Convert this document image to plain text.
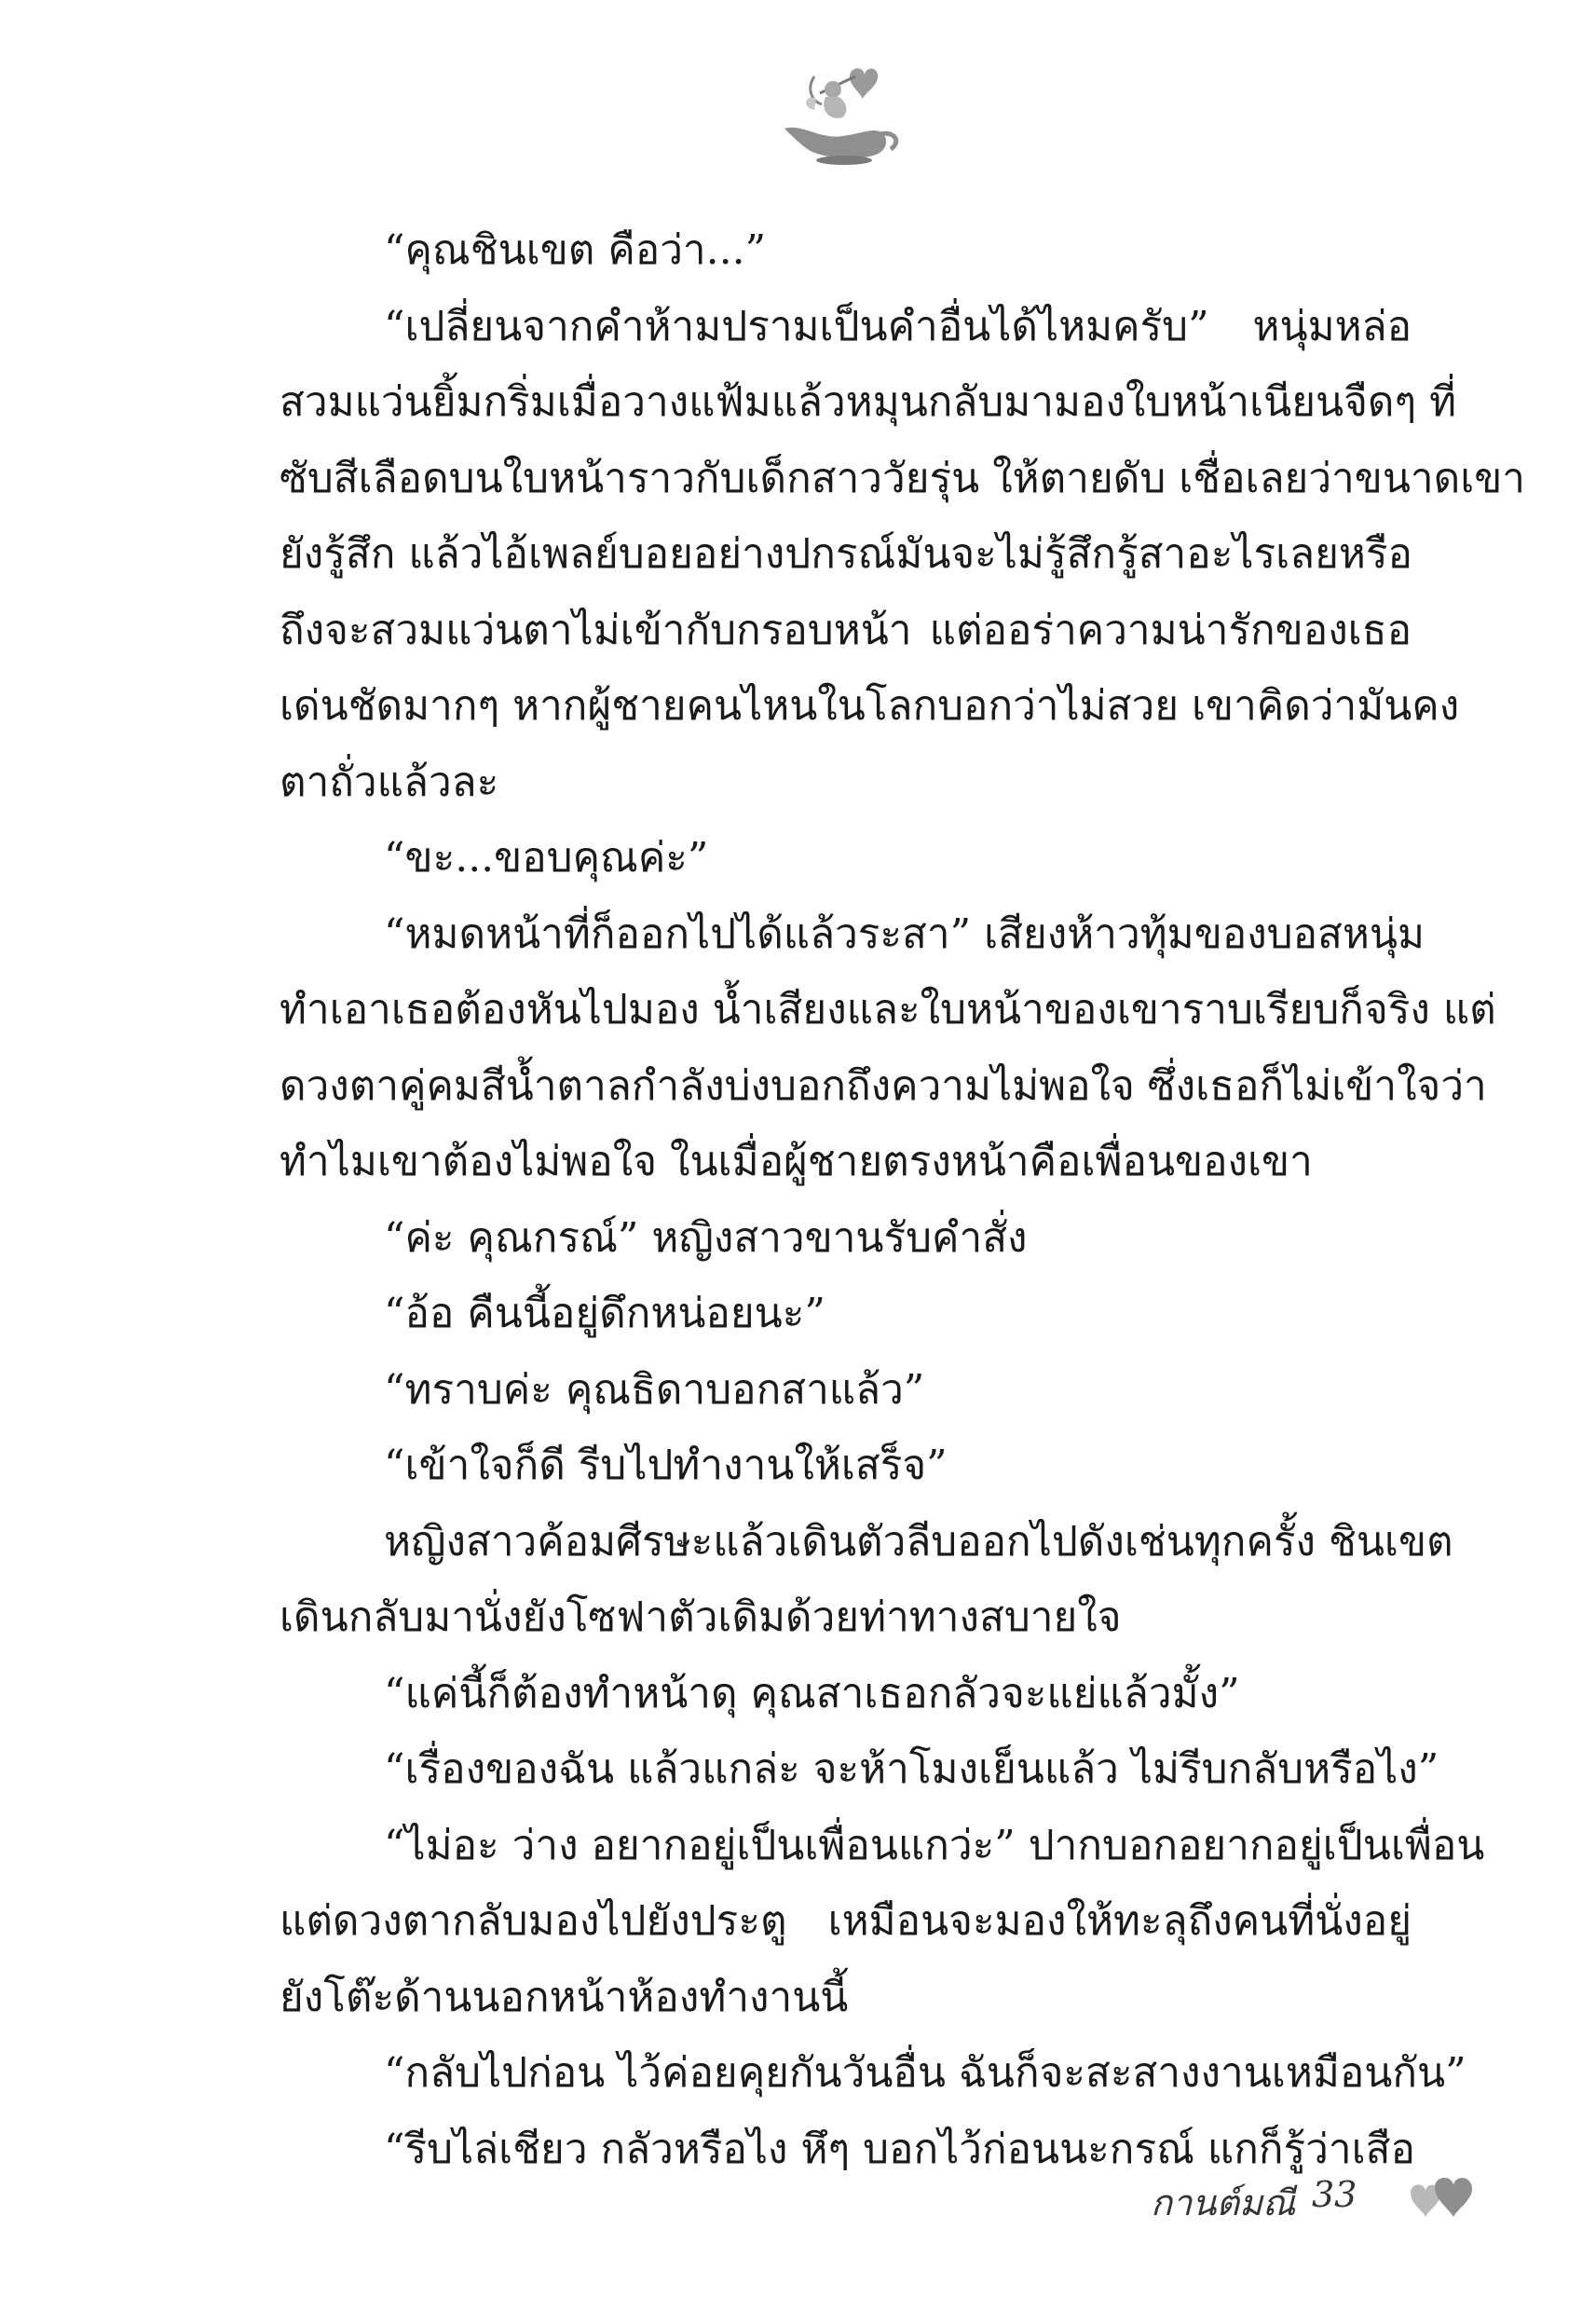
“คุณชินเขต คือว่า...”

“เปลี่ยนจากคำห้ามปรามเป็นคำอื่นได้ไหมครับ” หนุ่มหล่อ

สวมแว่นยิ้มกริ่มเมื่อวางแฟ้มแล้วหมุนกลับมามองใบหน้าเนียนจืดๆ ที่

ซับสีเลือดบนใบหน้าราวกับเด็กสาววัยรุ่น ให้ตายดับ เชื่อเลยว่าขนาดเขา

ยังรู้สึก แล้วไอ้เพลย์บอยอย่างปกรณ์มันจะไม่รู้สึกรู้สาอะไรเลยหรือ

ถึงจะสวมแว่นตาไม่เข้ากับกรอบหน้า แต่ออร่าความน่ารักของเธอ

เด่นชัดมากๆ หากผู้ชายคนไหนในโลกบอกว่าไม่สวย เขาคิดว่ามันคง

ตาถั่วแล้วละ

“ขะ...ขอบคุณค่ะ”

“หมดหน้าที่ก็ออกไปได้แล้วระสา” เสียงห้าวทุ้มของบอสหนุ่ม

ทำเอาเธอต้องหันไปมอง น้ำเสียงและใบหน้าของเขาราบเรียบก็จริง แต่

ดวงตาคู่คมสีน้ำตาลกำลังบ่งบอกถึงความไม่พอใจ ซึ่งเธอก็ไม่เข้าใจว่า

ทำไมเขาต้องไม่พอใจ ในเมื่อผู้ชายตรงหน้าคือเพื่อนของเขา

“ค่ะ คุณกรณ์” หญิงสาวขานรับคำสั่ง

“อ้อ คืนนี้อยู่ดึกหน่อยนะ”

“ทราบค่ะ คุณธิดาบอกสาแล้ว”

“เข้าใจก็ดี รีบไปทำงานให้เสร็จ”

หญิงสาวค้อมศีรษะแล้วเดินตัวลีบออกไปดังเช่นทุกครั้ง ชินเขต

เดินกลับมานั่งยังโซฟาตัวเดิมด้วยท่าทางสบายใจ

“แค่นี้ก็ต้องทำหน้าดุ คุณสาเธอกลัวจะแย่แล้วมั้ง”

“เรื่องของฉัน แล้วแกล่ะ จะห้าโมงเย็นแล้ว ไม่รีบกลับหรือไง”

“ไม่อะ ว่าง อยากอยู่เป็นเพื่อนแกว่ะ” ปากบอกอยากอยู่เป็นเพื่อน

แต่ดวงตากลับมองไปยังประตู เหมือนจะมองให้ทะลุถึงคนที่นั่งอยู่

ยังโต๊ะด้านนอกหน้าห้องทำงานนี้

“กลับไปก่อน ไว้ค่อยคุยกันวันอื่น ฉันก็จะสะสางงานเหมือนกัน”

“รีบไล่เชียว กลัวหรือไง หึๆ บอกไว้ก่อนนะกรณ์ แกก็รู้ว่าเสือ

กานต์มณี 33
